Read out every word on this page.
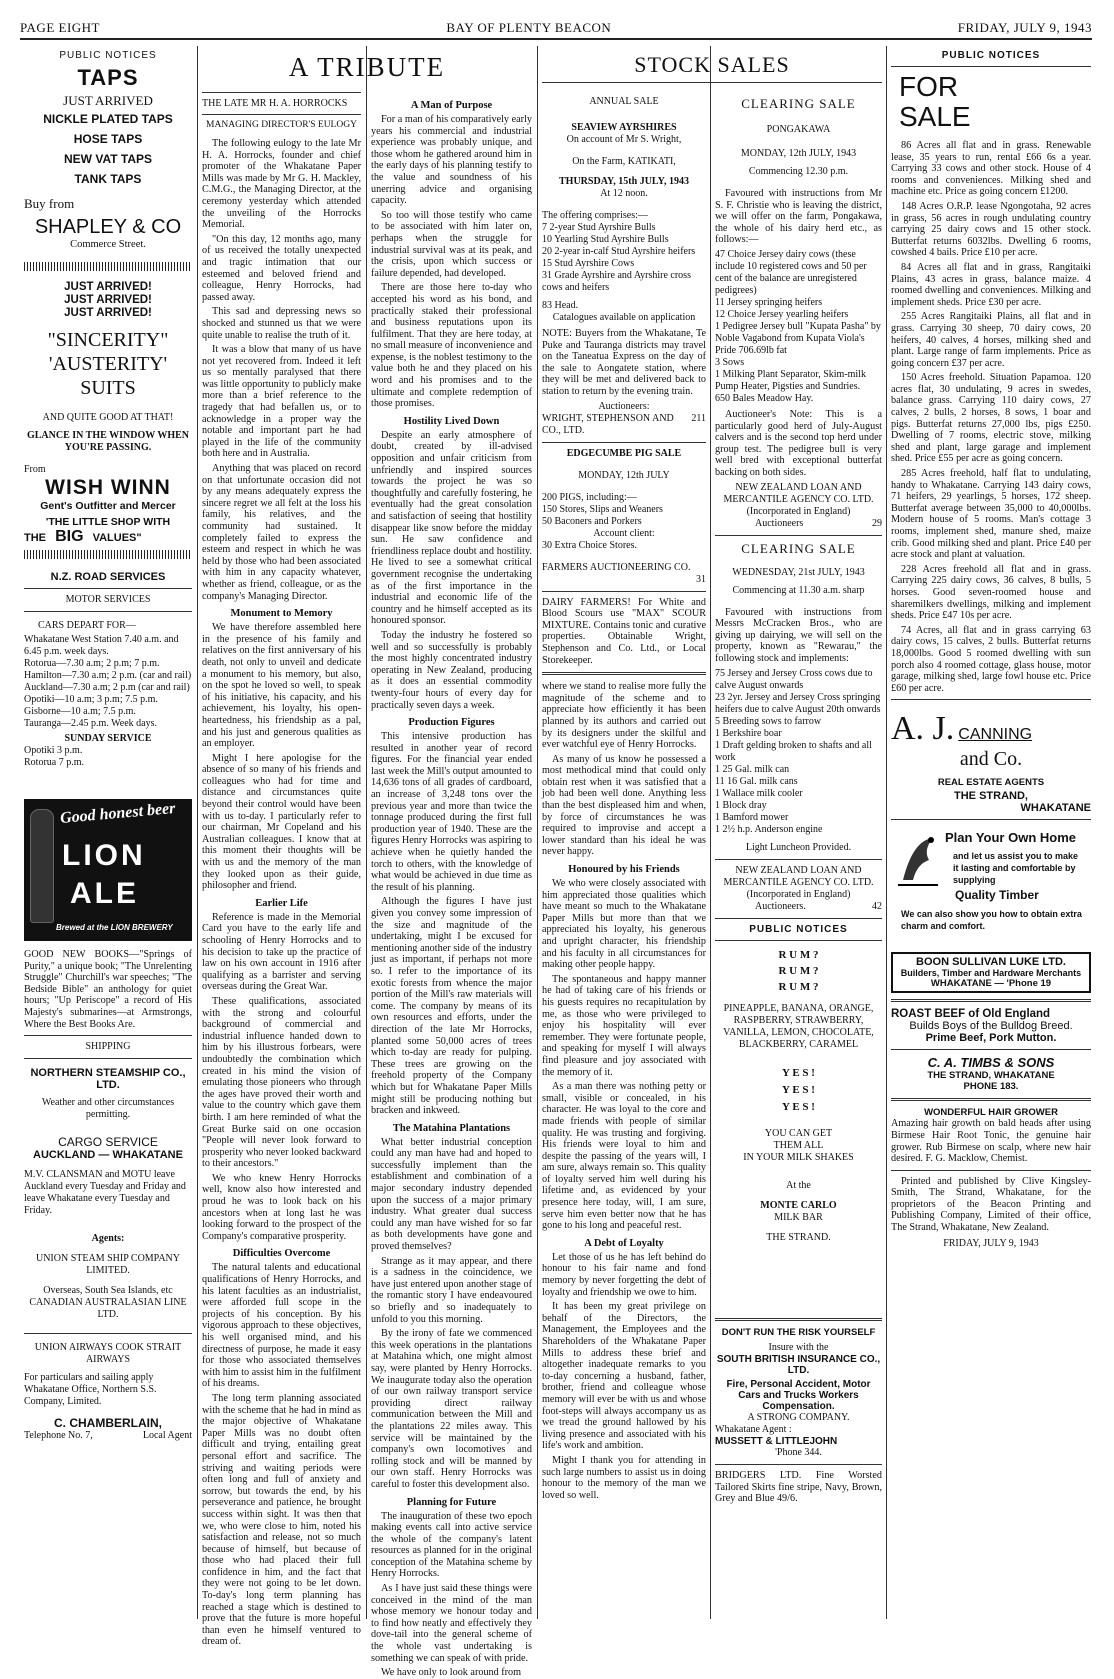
PAGE EIGHT	BAY OF PLENTY BEACON	FRIDAY, JULY 9, 1943
PUBLIC NOTICES
TAPS
JUST ARRIVED
NICKLE PLATED TAPS
HOSE TAPS
NEW VAT TAPS
TANK TAPS
Buy from
SHAPLEY & CO
Commerce Street.
JUST ARRIVED!
JUST ARRIVED!
JUST ARRIVED!
"SINCERITY"
'AUSTERITY'
SUITS
AND QUITE GOOD AT THAT!
GLANCE IN THE WINDOW WHEN YOU'RE PASSING.
From
WISH WINN
Gent's Outfitter and Mercer
'THE LITTLE SHOP WITH
THE BIG VALUES"
N.Z. ROAD SERVICES
MOTOR SERVICES
CARS DEPART FOR—
Whakatane West Station 7.40 a.m. and 6.45 p.m. week days.
Rotorua—7.30 a.m; 2 p.m; 7 p.m.
Hamilton—7.30 a.m; 2 p.m. (car and rail)
Auckland—7.30 a.m; 2 p.m (car and rail)
Opotiki—10 a.m; 3 p.m; 7.5 p.m.
Gisborne—10 a.m; 7.5 p.m.
Tauranga—2.45 p.m. Week days.
SUNDAY SERVICE
Opotiki 3 p.m.
Rotorua 7 p.m.
Good honest beer
LION
ALE
Brewed at the LION BREWERY

GOOD NEW BOOKS—"Springs of Purity," a unique book; "The Unrelenting Struggle" Churchill's war speeches; "The Bedside Bible" an anthology for quiet hours; "Up Periscope" a record of His Majesty's submarines—at Armstrongs, Where the Best Books Are.

SHIPPING
NORTHERN STEAMSHIP CO., LTD.
Weather and other circumstances permitting.
CARGO SERVICE
AUCKLAND — WHAKATANE
M.V. CLANSMAN and MOTU leave Auckland every Tuesday and Friday and leave Whakatane every Tuesday and Friday.
Agents:
UNION STEAM SHIP COMPANY LIMITED.
Overseas, South Sea Islands, etc
CANADIAN AUSTRALASIAN LINE LTD.
UNION AIRWAYS COOK STRAIT AIRWAYS
For particulars and sailing apply Whakatane Office, Northern S.S. Company, Limited.
C. CHAMBERLAIN,
Telephone No. 7,	Local Agent
A TRIBUTE
THE LATE MR H. A. HORROCKS
MANAGING DIRECTOR'S EULOGY

The following eulogy to the late Mr H. A. Horrocks, founder and chief promoter of the Whakatane Paper Mills was made by Mr G. H. Mackley, C.M.G., the Managing Director, at the ceremony yesterday which attended the unveiling of the Horrocks Memorial.

"On this day, 12 months ago, many of us received the totally unexpected and tragic intimation that our esteemed and beloved friend and colleague, Henry Horrocks, had passed away.

This sad and depressing news so shocked and stunned us that we were quite unable to realise the truth of it.

It was a blow that many of us have not yet recovered from. Indeed it left us so mentally paralysed that there was little opportunity to publicly make more than a brief reference to the tragedy that had befallen us, or to acknowledge in a proper way the notable and important part he had played in the life of the community both here and in Australia.

Anything that was placed on record on that unfortunate occasion did not by any means adequately express the sincere regret we all felt at the loss his family, his relatives, and the community had sustained. It completely failed to express the esteem and respect in which he was held by those who had been associated with him in any capacity whatever, whether as friend, colleague, or as the company's Managing Director.

Monument to Memory

We have therefore assembled here in the presence of his family and relatives on the first anniversary of his death, not only to unveil and dedicate a monument to his memory, but also, on the spot he loved so well, to speak of his initiative, his capacity, and his achievement, his loyalty, his open-heartedness, his friendship as a pal, and his just and generous qualities as an employer.

Might I here apologise for the absence of so many of his friends and colleagues who had for time and distance and circumstances quite beyond their control would have been with us to-day. I particularly refer to our chairman, Mr Copeland and his Australian colleagues. I know that at this moment their thoughts will be with us and the memory of the man they looked upon as their guide, philosopher and friend.

Earlier Life

Reference is made in the Memorial Card you have to the early life and schooling of Henry Horrocks and to his decision to take up the practice of law on his own account in 1916 after qualifying as a barrister and serving overseas during the Great War.

These qualifications, associated with the strong and colourful background of commercial and industrial influence handed down to him by his illustrous forbears, were undoubtedly the combination which created in his mind the vision of emulating those pioneers who through the ages have proved their worth and value to the country which gave them birth. I am here reminded of what the Great Burke said on one occasion "People will never look forward to prosperity who never looked backward to their ancestors."

We who knew Henry Horrocks well, know also how interested and proud he was to look back on his ancestors when at long last he was looking forward to the prospect of the Company's comparative prosperity.

Difficulties Overcome

The natural talents and educational qualifications of Henry Horrocks, and his latent faculties as an industrialist, were afforded full scope in the projects of his conception. By his vigorous approach to these objectives, his well organised mind, and his directness of purpose, he made it easy for those who associated themselves with him to assist him in the fulfilment of his dreams.

The long term planning associated with the scheme that he had in mind as the major objective of Whakatane Paper Mills was no doubt often difficult and trying, entailing great personal effort and sacrifice. The striving and waiting periods were often long and full of anxiety and sorrow, but towards the end, by his perseverance and patience, he brought success within sight. It was then that we, who were close to him, noted his satisfaction and release, not so much because of himself, but because of those who had placed their full confidence in him, and the fact that they were not going to be let down. To-day's long term planning has reached a stage which is destined to prove that the future is more hopeful than even he himself ventured to dream of.

A Man of Purpose

For a man of his comparatively early years his commercial and industrial experience was probably unique, and those whom he gathered around him in the early days of his planning testify to the value and soundness of his unerring advice and organising capacity.

So too will those testify who came to be associated with him later on, perhaps when the struggle for industrial survival was at its peak, and the crisis, upon which success or failure depended, had developed.

There are those here to-day who accepted his word as his bond, and practically staked their professional and business reputations upon its fulfilment. That they are here today, at no small measure of inconvenience and expense, is the noblest testimony to the value both he and they placed on his word and his promises and to the ultimate and complete redemption of those promises.

Hostility Lived Down

Despite an early atmosphere of doubt, created by ill-advised opposition and unfair criticism from unfriendly and inspired sources towards the project he was so thoughtfully and carefully fostering, he eventually had the great consolation and satisfaction of seeing that hostility disappear like snow before the midday sun. He saw confidence and friendliness replace doubt and hostility. He lived to see a somewhat critical government recognise the undertaking as of the first importance in the industrial and economic life of the country and he himself accepted as its honoured sponsor.

Today the industry he fostered so well and so successfully is probably the most highly concentrated industry operating in New Zealand, producing as it does an essential commodity twenty-four hours of every day for practically seven days a week.

Production Figures

This intensive production has resulted in another year of record figures. For the financial year ended last week the Mill's output amounted to 14,636 tons of all grades of cardboard, an increase of 3,248 tons over the previous year and more than twice the tonnage produced during the first full production year of 1940. These are the figures Henry Horrocks was aspiring to achieve when he quietly handed the torch to others, with the knowledge of what would be achieved in due time as the result of his planning.

Although the figures I have just given you convey some impression of the size and magnitude of the undertaking, might I be excused for mentioning another side of the industry just as important, if perhaps not more so. I refer to the importance of its exotic forests from whence the major portion of the Mill's raw materials will come. The company by means of its own resources and efforts, under the direction of the late Mr Horrocks, planted some 50,000 acres of trees which to-day are ready for pulping. These trees are growing on the freehold property of the Company which but for Whakatane Paper Mills might still be producing nothing but bracken and inkweed.

The Matahina Plantations

What better industrial conception could any man have had and hoped to successfully implement than the establishment and combination of a major secondary industry depended upon the success of a major primary industry. What greater dual success could any man have wished for so far as both developments have gone and proved themselves?

Strange as it may appear, and there is a sadness in the coincidence, we have just entered upon another stage of the romantic story I have endeavoured so briefly and so inadequately to unfold to you this morning.

By the irony of fate we commenced this week operations in the plantations at Matahina which, one might almost say, were planted by Henry Horrocks. We inaugurate today also the operation of our own railway transport service providing direct railway communication between the Mill and the plantations 22 miles away. This service will be maintained by the company's own locomotives and rolling stock and will be manned by our own staff. Henry Horrocks was careful to foster this development also.

Planning for Future

The inauguration of these two epoch making events call into active service the whole of the company's latent resources as planned for in the original conception of the Matahina scheme by Henry Horrocks.

As I have just said these things were conceived in the mind of the man whose memory we honour today and to find how neatly and effectively they dove-tail into the general scheme of the whole vast undertaking is something we can speak of with pride.

We have only to look around from

STOCK SALES
ANNUAL SALE
SEAVIEW AYRSHIRES
On account of Mr S. Wright,
On the Farm, KATIKATI,
THURSDAY, 15th JULY, 1943
At 12 noon.
The offering comprises:—
7 2-year Stud Ayrshire Bulls
10 Yearling Stud Ayrshire Bulls
20 2-year in-calf Stud Ayrshire heifers
15 Stud Ayrshire Cows
31 Grade Ayrshire and Ayrshire cross cows and heifers
83 Head.
Catalogues available on application

NOTE: Buyers from the Whakatane, Te Puke and Tauranga districts may travel on the Taneatua Express on the day of the sale to Aongatete station, where they will be met and delivered back to station to return by the evening train.

Auctioneers:
WRIGHT, STEPHENSON AND CO., LTD.
211
EDGECUMBE PIG SALE
MONDAY, 12th JULY
200 PIGS, including:—
150 Stores, Slips and Weaners
50 Baconers and Porkers
Account client:
30 Extra Choice Stores.
FARMERS AUCTIONEERING CO.
31

DAIRY FARMERS! For White and Blood Scours use "MAX" SCOUR MIXTURE. Contains tonic and curative properties. Obtainable Wright, Stephenson and Co. Ltd., or Local Storekeeper.

where we stand to realise more fully the magnitude of the scheme and to appreciate how efficiently it has been planned by its authors and carried out by its designers under the skilful and ever watchful eye of Henry Horrocks.

As many of us know he possessed a most methodical mind that could only obtain rest when it was satisfied that a job had been well done. Anything less than the best displeased him and when, by force of circumstances he was required to improvise and accept a lower standard than his ideal he was never happy.

Honoured by his Friends

We who were closely associated with him appreciated those qualities which have meant so much to the Whakatane Paper Mills but more than that we appreciated his loyalty, his generous and upright character, his friendship and his faculty in all circumstances for making other people happy.

The spontaneous and happy manner he had of taking care of his friends or his guests requires no recapitulation by me, as those who were privileged to enjoy his hospitality will ever remember. They were fortunate people, and speaking for myself I will always find pleasure and joy associated with the memory of it.

As a man there was nothing petty or small, visible or concealed, in his character. He was loyal to the core and made friends with people of similar quality. He was trusting and forgiving. His friends were loyal to him and despite the passing of the years will, I am sure, always remain so. This quality of loyalty served him well during his lifetime and, as evidenced by your presence here today, will, I am sure, serve him even better now that he has gone to his long and peaceful rest.

A Debt of Loyalty

Let those of us he has left behind do honour to his fair name and fond memory by never forgetting the debt of loyalty and friendship we owe to him.

It has been my great privilege on behalf of the Directors, the Management, the Employees and the Shareholders of the Whakatane Paper Mills to address these brief and altogether inadequate remarks to you to-day concerning a husband, father, brother, friend and colleague whose memory will ever be with us and whose foot-steps will always accompany us as we tread the ground hallowed by his living presence and associated with his life's work and ambition.

Might I thank you for attending in such large numbers to assist us in doing honour to the memory of the man we loved so well.

CLEARING SALE
PONGAKAWA
MONDAY, 12th JULY, 1943
Commencing 12.30 p.m.

Favoured with instructions from Mr S. F. Christie who is leaving the district, we will offer on the farm, Pongakawa, the whole of his dairy herd etc., as follows:—

47 Choice Jersey dairy cows (these include 10 registered cows and 50 per cent of the balance are unregistered pedigrees)
11 Jersey springing heifers
12 Choice Jersey yearling heifers
1 Pedigree Jersey bull "Kupata Pasha" by Noble Vagabond from Kupata Viola's Pride 706.69lb fat
3 Sows
1 Milking Plant Separator, Skim-milk Pump Heater, Pigsties and Sundries.
650 Bales Meadow Hay.

Auctioneer's Note: This is a particularly good herd of July-August calvers and is the second top herd under group test. The pedigree bull is very well bred with exceptional butterfat backing on both sides.

NEW ZEALAND LOAN AND MERCANTILE AGENCY CO. LTD.
(Incorporated in England)
Auctioneers	29
CLEARING SALE
WEDNESDAY, 21st JULY, 1943
Commencing at 11.30 a.m. sharp

Favoured with instructions from Messrs McCracken Bros., who are giving up dairying, we will sell on the property, known as "Rewarau," the following stock and implements:

75 Jersey and Jersey Cross cows due to calve August onwards
23 2yr. Jersey and Jersey Cross springing heifers due to calve August 20th onwards
5 Breeding sows to farrow
1 Berkshire boar
1 Draft gelding broken to shafts and all work
1 25 Gal. milk can
11 16 Gal. milk cans
1 Wallace milk cooler
1 Block dray
1 Bamford mower
1 2½ h.p. Anderson engine
Light Luncheon Provided.
NEW ZEALAND LOAN AND MERCANTILE AGENCY CO. LTD.
(Incorporated in England)
Auctioneers.	42
PUBLIC NOTICES
R U M ?
R U M ?
R U M ?
PINEAPPLE, BANANA, ORANGE, RASPBERRY, STRAWBERRY, VANILLA, LEMON, CHOCOLATE, BLACKBERRY, CARAMEL
Y E S !
Y E S !
Y E S !
YOU CAN GET
THEM ALL
IN YOUR MILK SHAKES
At the
MONTE CARLO
MILK BAR
THE STRAND.
DON'T RUN THE RISK YOURSELF
Insure with the
SOUTH BRITISH INSURANCE CO., LTD.
Fire, Personal Accident, Motor Cars and Trucks Workers Compensation.
A STRONG COMPANY.
Whakatane Agent :
MUSSETT & LITTLEJOHN
'Phone 344.

BRIDGERS LTD. Fine Worsted Tailored Skirts fine stripe, Navy, Brown, Grey and Blue 49/6.

PUBLIC NOTICES
FOR
SALE

86 Acres all flat and in grass. Renewable lease, 35 years to run, rental £66 6s a year. Carrying 33 cows and other stock. House of 4 rooms and conveniences. Milking shed and machine etc. Price as going concern £1200.

148 Acres O.R.P. lease Ngongotaha, 92 acres in grass, 56 acres in rough undulating country carrying 25 dairy cows and 15 other stock. Butterfat returns 6032lbs. Dwelling 6 rooms, cowshed 4 bails. Price £10 per acre.

84 Acres all flat and in grass, Rangitaiki Plains, 43 acres in grass, balance maize. 4 roomed dwelling and conveniences. Milking and implement sheds. Price £30 per acre.

255 Acres Rangitaiki Plains, all flat and in grass. Carrying 30 sheep, 70 dairy cows, 20 heifers, 40 calves, 4 horses, milking shed and plant. Large range of farm implements. Price as going concern £37 per acre.

150 Acres freehold. Situation Papamoa. 120 acres flat, 30 undulating, 9 acres in swedes, balance grass. Carrying 110 dairy cows, 27 calves, 2 bulls, 2 horses, 8 sows, 1 boar and pigs. Butterfat returns 27,000 lbs, pigs £250. Dwelling of 7 rooms, electric stove, milking shed and plant, large garage and implement shed. Price £55 per acre as going concern.

285 Acres freehold, half flat to undulating, handy to Whakatane. Carrying 143 dairy cows, 71 heifers, 29 yearlings, 5 horses, 172 sheep. Butterfat average between 35,000 to 40,000lbs. Modern house of 5 rooms. Man's cottage 3 rooms, implement shed, manure shed, maize crib. Good milking shed and plant. Price £40 per acre stock and plant at valuation.

228 Acres freehold all flat and in grass. Carrying 225 dairy cows, 36 calves, 8 bulls, 5 horses. Good seven-roomed house and sharemilkers dwellings, milking and implement sheds. Price £47 10s per acre.

74 Acres, all flat and in grass carrying 63 dairy cows, 15 calves, 2 bulls. Butterfat returns 18,000lbs. Good 5 roomed dwelling with sun porch also 4 roomed cottage, glass house, motor garage, milking shed, large fowl house etc. Price £60 per acre.

A. J. CANNING
and Co.
REAL ESTATE AGENTS
THE STRAND,
WHAKATANE
Plan Your Own Home
and let us assist you to make it lasting and comfortable by supplying
Quality Timber
We can also show you how to obtain extra charm and comfort.
BOON SULLIVAN LUKE LTD.
Builders, Timber and Hardware Merchants
WHAKATANE — 'Phone 19
ROAST BEEF of Old England
Builds Boys of the Bulldog Breed.
Prime Beef, Pork Mutton.
C. A. TIMBS & SONS
THE STRAND, WHAKATANE
PHONE 183.
WONDERFUL HAIR GROWER

Amazing hair growth on bald heads after using Birmese Hair Root Tonic, the genuine hair grower. Rub Birmese on scalp, where new hair desired. F. G. Macklow, Chemist.

Printed and published by Clive Kingsley-Smith, The Strand, Whakatane, for the proprietors of the Beacon Printing and Publishing Company, Limited of their office, The Strand, Whakatane, New Zealand.

FRIDAY, JULY 9, 1943
